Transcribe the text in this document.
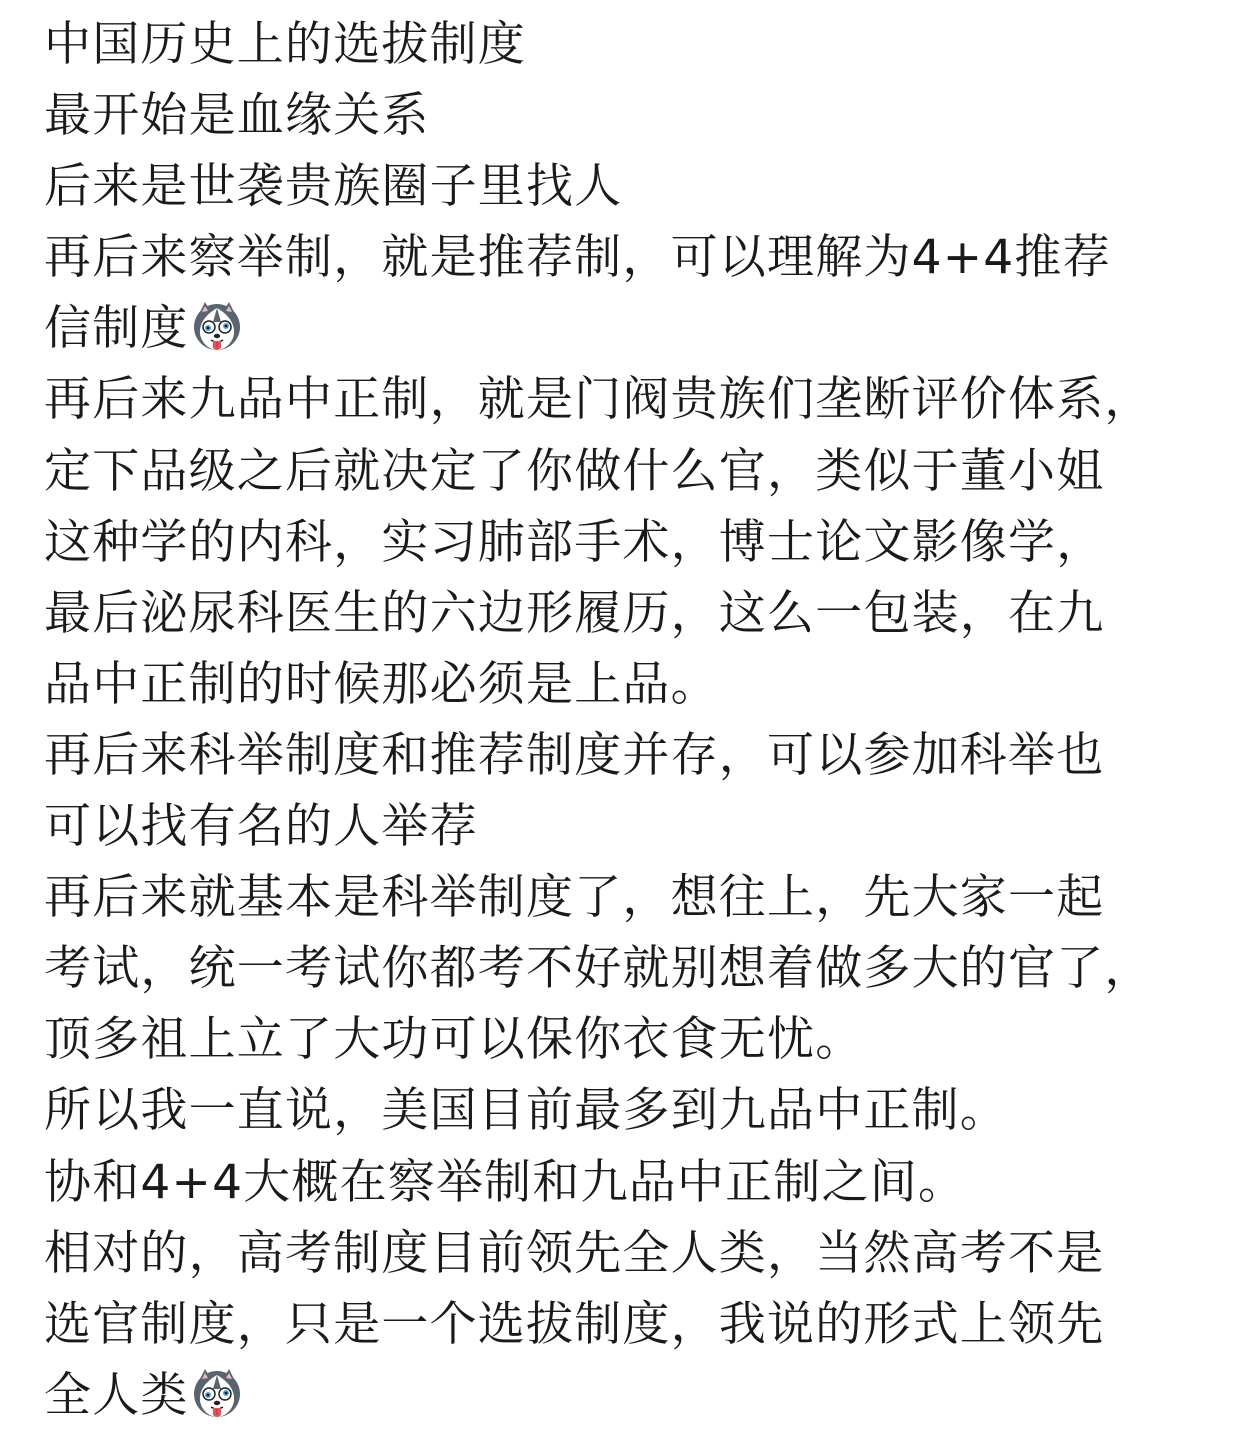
中国历史上的选拔制度

最开始是血缘关系

后来是世袭贵族圈子里找人

再后来察举制，就是推荐制，可以理解为4+4推荐

信制度

再后来九品中正制，就是门阀贵族们垄断评价体系，

定下品级之后就决定了你做什么官，类似于董小姐

这种学的内科，实习肺部手术，博士论文影像学，

最后泌尿科医生的六边形履历，这么一包装，在九

品中正制的时候那必须是上品。

再后来科举制度和推荐制度并存，可以参加科举也

可以找有名的人举荐

再后来就基本是科举制度了，想往上，先大家一起

考试，统一考试你都考不好就别想着做多大的官了，

顶多祖上立了大功可以保你衣食无忧。

所以我一直说，美国目前最多到九品中正制。

协和4+4大概在察举制和九品中正制之间。

相对的，高考制度目前领先全人类，当然高考不是

选官制度，只是一个选拔制度，我说的形式上领先

全人类
